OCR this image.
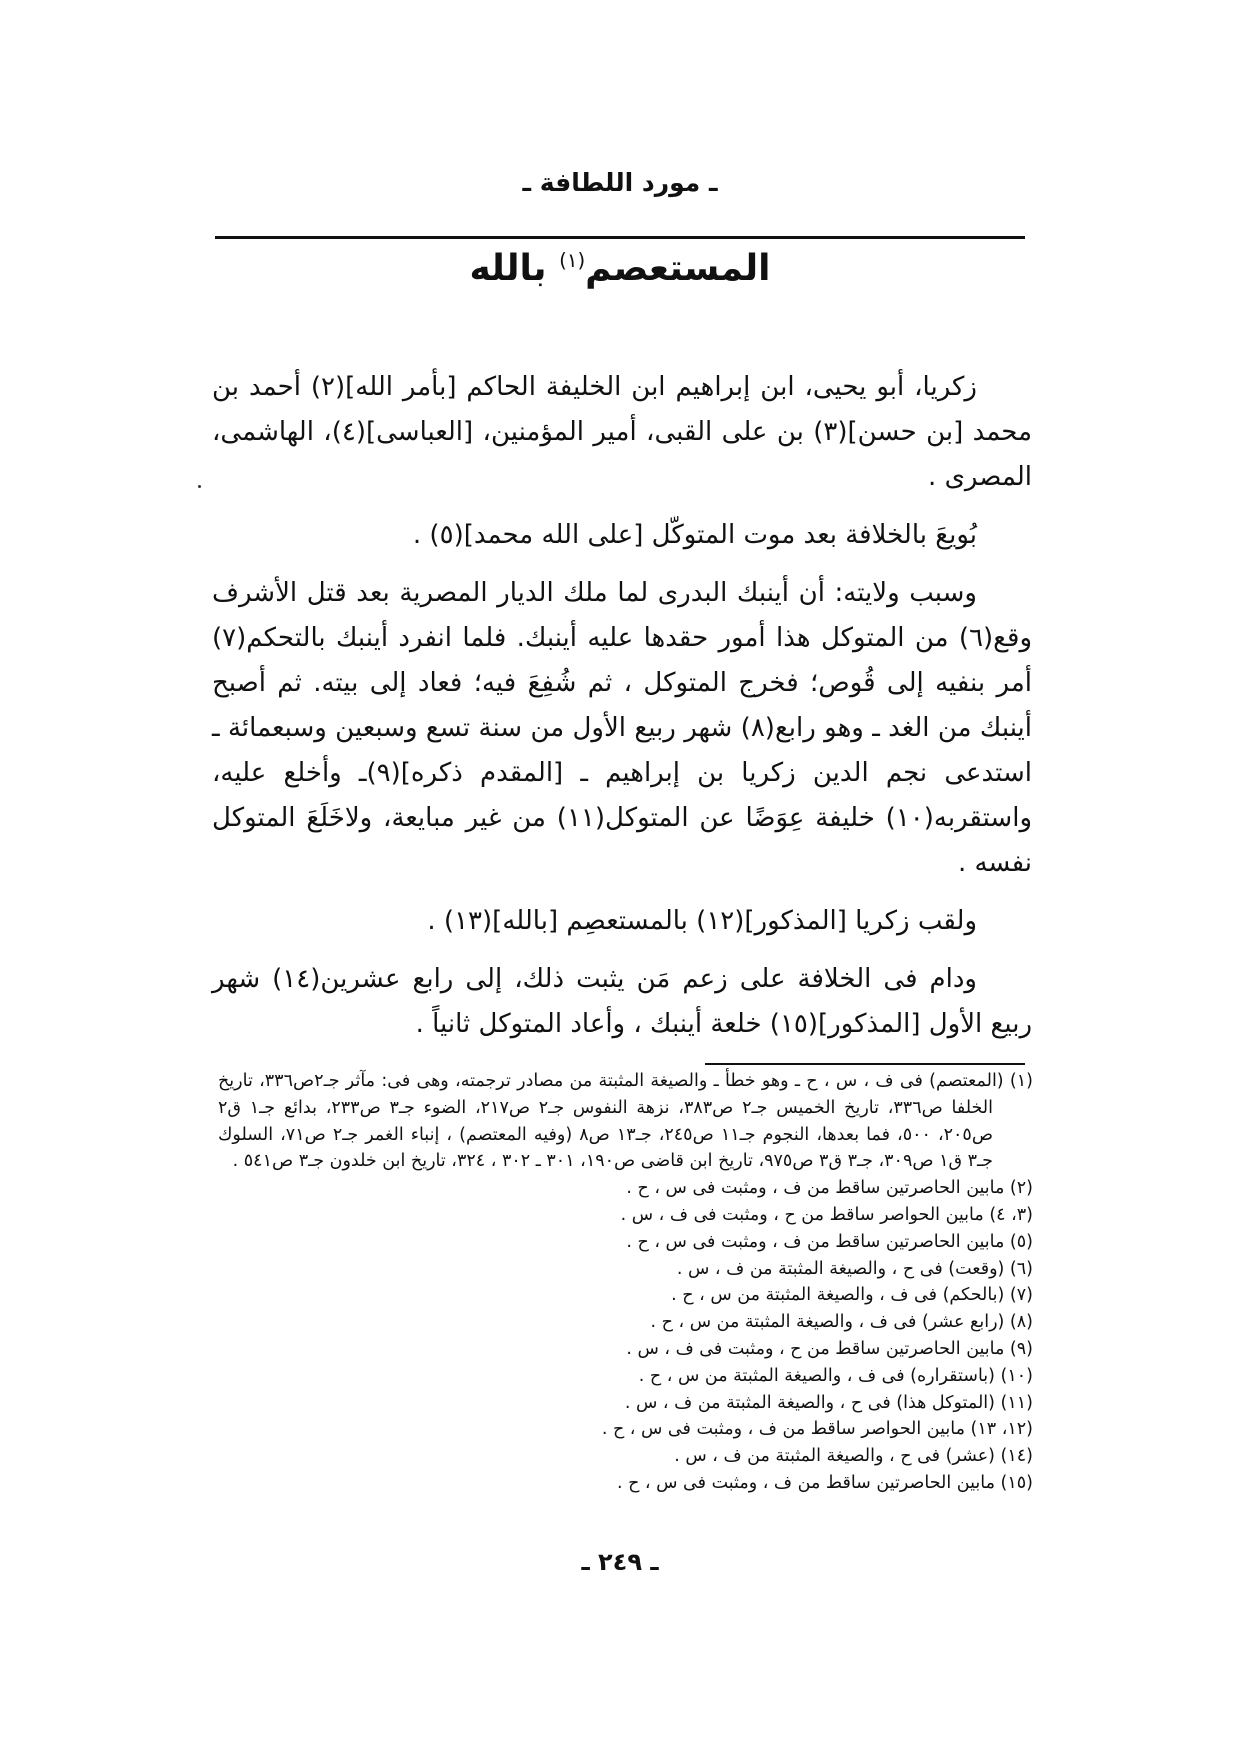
ـ مورد اللطافة ـ
المستعصم$^{(١)}$ بالله

زكريا، أبو يحيى، ابن إبراهيم ابن الخليفة الحاكم [بأمر الله](٢) أحمد بن محمد [بن حسن](٣) بن على القبى، أمير المؤمنين، [العباسى](٤)، الهاشمى، المصرى .

بُويعَ بالخلافة بعد موت المتوكّل [على الله محمد](٥) .

وسبب ولايته: أن أينبك البدرى لما ملك الديار المصرية بعد قتل الأشرف وقع(٦) من المتوكل هذا أمور حقدها عليه أينبك. فلما انفرد أينبك بالتحكم(٧) أمر بنفيه إلى قُوص؛ فخرج المتوكل ، ثم شُفِعَ فيه؛ فعاد إلى بيته. ثم أصبح أينبك من الغد ـ وهو رابع(٨) شهر ربيع الأول من سنة تسع وسبعين وسبعمائة ـ استدعى نجم الدين زكريا بن إبراهيم ـ [المقدم ذكره](٩)ـ وأخلع عليه، واستقربه(١٠) خليفة عِوَضًا عن المتوكل(١١) من غير مبايعة، ولاخَلَعَ المتوكل نفسه .

ولقب زكريا [المذكور](١٢) بالمستعصِم [بالله](١٣) .

ودام فى الخلافة على زعم مَن يثبت ذلك، إلى رابع عشرين(١٤) شهر ربيع الأول [المذكور](١٥) خلعة أينبك ، وأعاد المتوكل ثانياً .

(١) (المعتصم) فى ف ، س ، ح ـ وهو خطأ ـ والصيغة المثبتة من مصادر ترجمته، وهى فى: مآثر جـ٢ص٣٣٦، تاريخ الخلفا ص٣٣٦، تاريخ الخميس جـ٢ ص٣٨٣، نزهة النفوس جـ٢ ص٢١٧، الضوء جـ٣ ص٢٣٣، بدائع جـ١ ق٢ ص٢٠٥، ٥٠٠، فما بعدها، النجوم جـ١١ ص٢٤٥، جـ١٣ ص٨ (وفيه المعتصم) ، إنباء الغمر جـ٢ ص٧١، السلوك جـ٣ ق١ ص٣٠٩، جـ٣ ق٣ ص٩٧٥، تاريخ ابن قاضى ص١٩٠، ٣٠١ ـ ٣٠٢ ، ٣٢٤، تاريخ ابن خلدون جـ٣ ص٥٤١ .

(٢) مابين الحاصرتين ساقط من ف ، ومثبت فى س ، ح .

(٣، ٤) مابين الحواصر ساقط من ح ، ومثبت فى ف ، س .

(٥) مابين الحاصرتين ساقط من ف ، ومثبت فى س ، ح .

(٦) (وقعت) فى ح ، والصيغة المثبتة من ف ، س .

(٧) (بالحكم) فى ف ، والصيغة المثبتة من س ، ح .

(٨) (رابع عشر) فى ف ، والصيغة المثبتة من س ، ح .

(٩) مابين الحاصرتين ساقط من ح ، ومثبت فى ف ، س .

(١٠) (باستقراره) فى ف ، والصيغة المثبتة من س ، ح .

(١١) (المتوكل هذا) فى ح ، والصيغة المثبتة من ف ، س .

(١٢، ١٣) مابين الحواصر ساقط من ف ، ومثبت فى س ، ح .

(١٤) (عشر) فى ح ، والصيغة المثبتة من ف ، س .

(١٥) مابين الحاصرتين ساقط من ف ، ومثبت فى س ، ح .

ـ ٢٤٩ ـ
